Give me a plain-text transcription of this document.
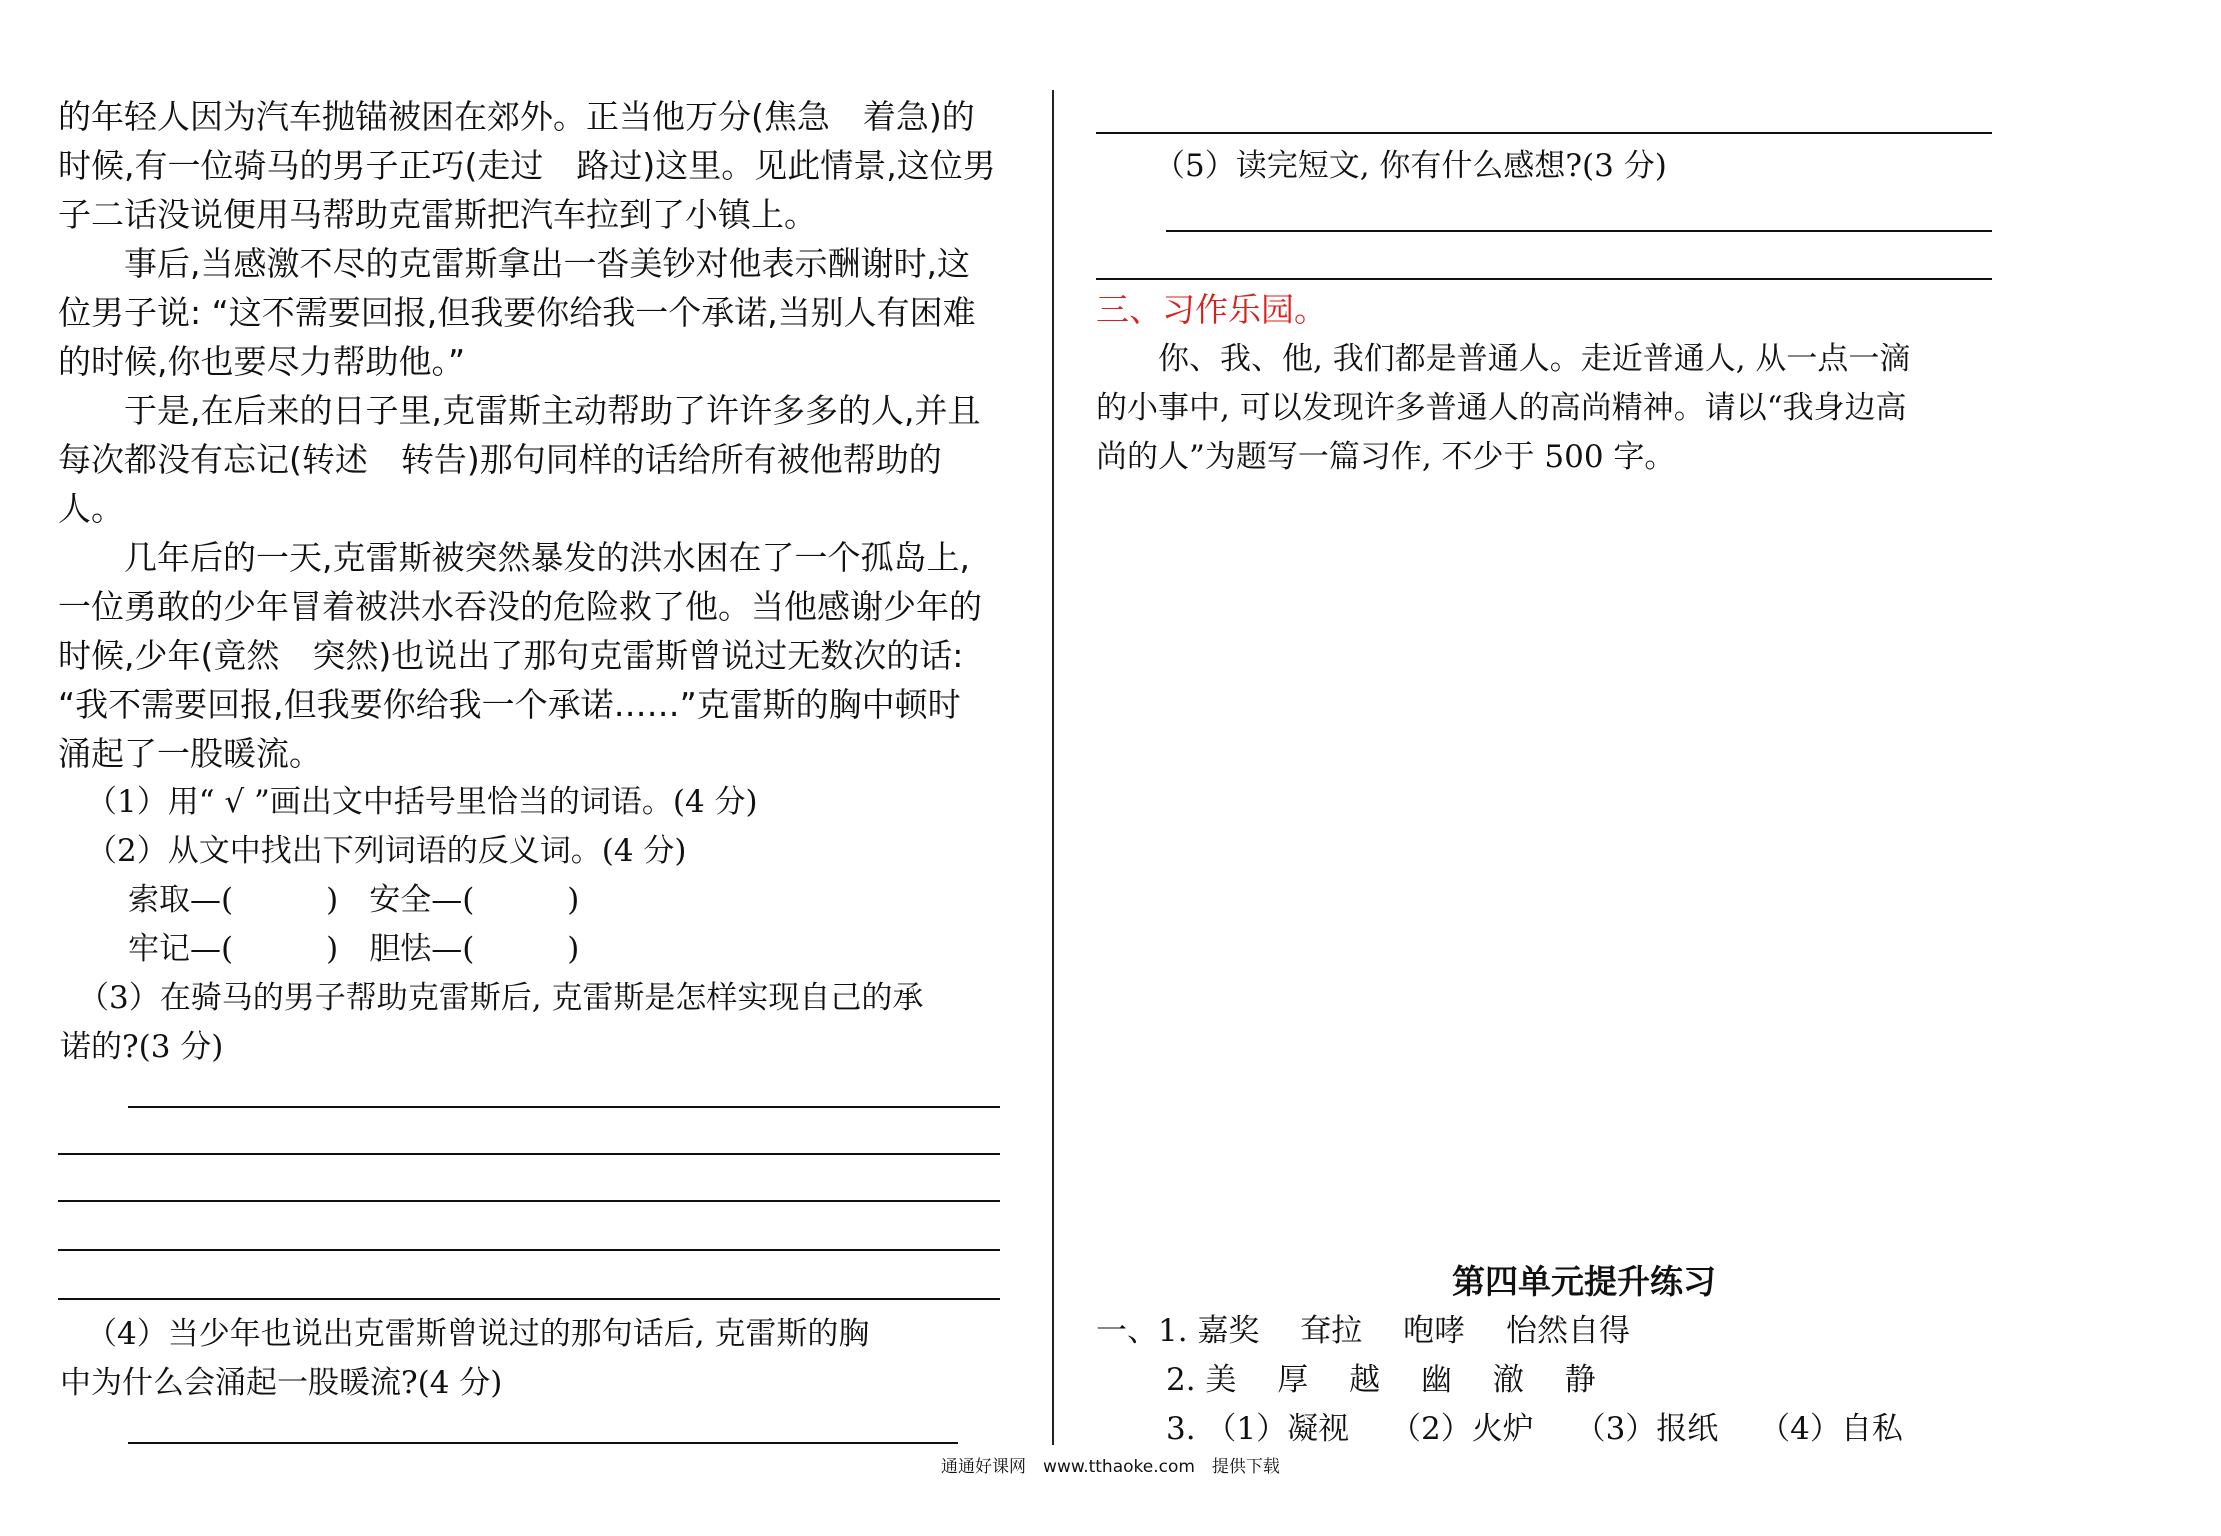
的年轻人因为汽车抛锚被困在郊外。正当他万分(焦急　着急)的
时候,有一位骑马的男子正巧(走过　路过)这里。见此情景,这位男
子二话没说便用马帮助克雷斯把汽车拉到了小镇上。
　　事后,当感激不尽的克雷斯拿出一沓美钞对他表示酬谢时,这
位男子说: “这不需要回报,但我要你给我一个承诺,当别人有困难
的时候,你也要尽力帮助他。”
　　于是,在后来的日子里,克雷斯主动帮助了许许多多的人,并且
每次都没有忘记(转述　转告)那句同样的话给所有被他帮助的
人。
　　几年后的一天,克雷斯被突然暴发的洪水困在了一个孤岛上,
一位勇敢的少年冒着被洪水吞没的危险救了他。当他感谢少年的
时候,少年(竟然　突然)也说出了那句克雷斯曾说过无数次的话:
“我不需要回报,但我要你给我一个承诺……”克雷斯的胸中顿时
涌起了一股暖流。
（1）用“ √ ”画出文中括号里恰当的词语。(4 分)
（2）从文中找出下列词语的反义词。(4 分)
索取—(　　　)　安全—(　　　)
牢记—(　　　)　胆怯—(　　　)
（3）在骑马的男子帮助克雷斯后, 克雷斯是怎样实现自己的承
诺的?(3 分)
（4）当少年也说出克雷斯曾说过的那句话后, 克雷斯的胸
中为什么会涌起一股暖流?(4 分)
（5）读完短文, 你有什么感想?(3 分)
三、习作乐园。
　　你、我、他, 我们都是普通人。走近普通人, 从一点一滴
的小事中, 可以发现许多普通人的高尚精神。请以“我身边高
尚的人”为题写一篇习作, 不少于 500 字。
第四单元提升练习
一、1. 嘉奖　 耷拉　 咆哮　 怡然自得
2. 美　 厚　 越　 幽　 澈　 静
3. （1）凝视　 （2）火炉　 （3）报纸　 （4）自私
通通好课网　www.tthaoke.com　提供下载
